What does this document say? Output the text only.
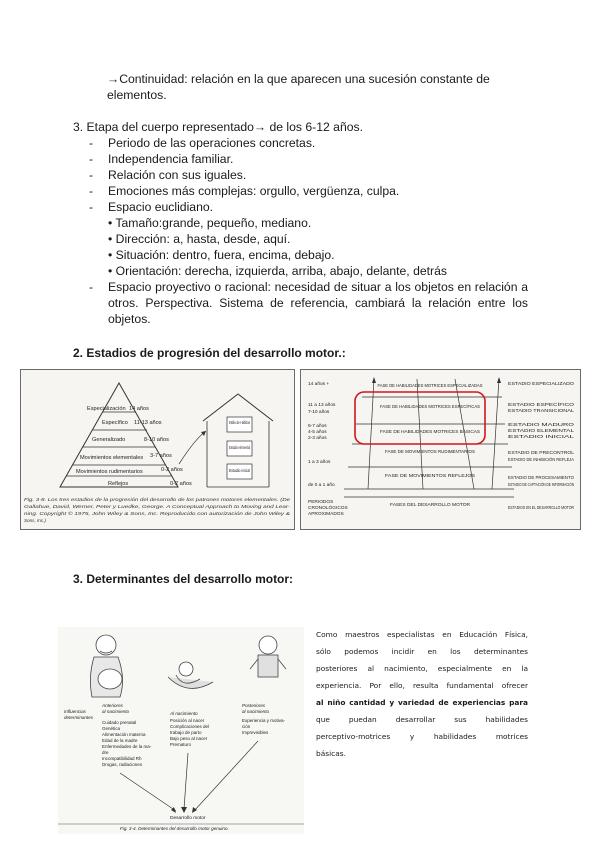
→Continuidad: relación en la que aparecen una sucesión constante de
elementos.
3. Etapa del cuerpo representado→ de los 6-12 años.
- Periodo de las operaciones concretas.
- Independencia familiar.
- Relación con sus iguales.
- Emociones más complejas: orgullo, vergüenza, culpa.
- Espacio euclidiano.
• Tamaño:grande, pequeño, mediano.
• Dirección: a, hasta, desde, aquí.
• Situación: dentro, fuera, encima, debajo.
• Orientación: derecha, izquierda, arriba, abajo, delante, detrás
- Espacio proyectivo o racional: necesidad de situar a los objetos en relación a
otros. Perspectiva. Sistema de referencia, cambiará la relación entre los
objetos.
2. Estadios de progresión del desarrollo motor.:
Especialización
Específico
Generalizado
Movimientos elementales
Movimientos rudimentarios
Reflejos
14 años
11-13 años
8-10 años
3-7 años
0-2 años
0-2 años
Estilo de Hábitos
Estadio elemental
Estadio inicial
Fig. 3-8. Los tres estadios de la progresión del desarrollo de los patrones motores elementales. (De
Gallahue, David, Werner, Peter y Luedke, George. A Conceptual Approach to Moving and Lear-
ning. Copyright © 1975, John Wiley & Sons, Inc. Reproducido con autorización de John Wiley &
Sons, Inc.)
14 años +
11 a 13 años
7-10 años
6-7 años
4-5 años
2-3 años
1 a 3 años
de 0 a 1 año
PERIODOS
CRONOLÓGICOS
APROXIMADOS
FASE DE HABILIDADES MOTRICES ESPECIALIZADAS
FASE DE HABILIDADES MOTRICES ESPECÍFICAS
FASE DE HABILIDADES MOTRICES BÁSICAS
FASE DE MOVIMIENTOS RUDIMENTARIOS
FASE DE MOVIMIENTOS REFLEJOS
FASES DEL DESARROLLO MOTOR
ESTADIO ESPECIALIZADO
ESTADIO ESPECÍFICO
ESTADIO TRANSICIONAL
ESTADIO MADURO
ESTADIO ELEMENTAL
ESTADIO INICIAL
ESTADIO DE PRECONTROL
ESTADIO DE INHIBICIÓN REFLEJA
ESTADIO DE PROCESAMIENTO
ESTADIO DE CAPTACIÓN DE INFORMACIÓN
ESTADIOS EN EL DESARROLLO MOTOR
3. Determinantes del desarrollo motor:
Influencias
determinantes
Anteriores
al nacimiento	Al nacimiento
Posteriores
al nacimiento
Cuidado prenatal
Genética
Alimentación materna
Edad de la madre
Enfermedades de la ma-
dre
Incompatibilidad Rh
Drogas, radiaciones
Posición al nacer
Complicaciones del
trabajo de parto
Bajo peso al nacer
Prematuro
Experiencia y motiva-
ción
Imprevisibles
Desarrollo motor
Fig. 3-4. Determinantes del desarrollo motor genuino.
Como maestros especialistas en Educación Física,
sólo podemos incidir en los determinantes
posteriores al nacimiento, especialmente en la
experiencia. Por ello, resulta fundamental ofrecer
al niño cantidad y variedad de experiencias para
que puedan desarrollar sus habilidades
perceptivo-motrices y habilidades motrices
básicas.
